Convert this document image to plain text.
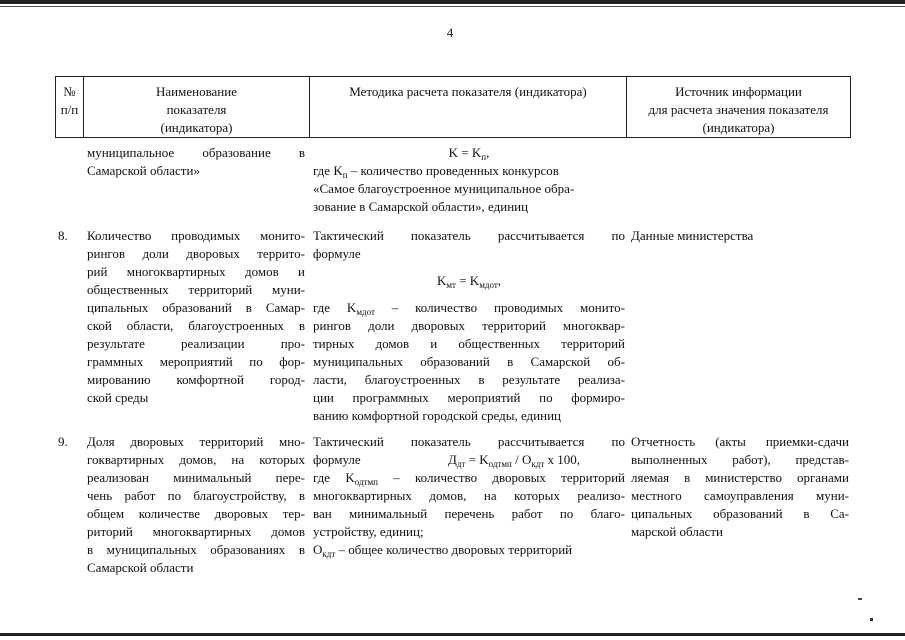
4
№
п/п
Наименование
показателя
(индикатора)
Методика расчета показателя (индикатора)	Источник информации
для расчета значения показателя
(индикатора)
муниципальное образование в
Самарской области»
$K = K_п$,
где $K_п$ – количество проведенных конкурсов
«Самое благоустроенное муниципальное обра-
зование в Самарской области», единиц
8. Количество проводимых монито-
рингов доли дворовых террито-
рий многоквартирных домов и
общественных территорий муни-
ципальных образований в Самар-
ской области, благоустроенных в
результате реализации про-
граммных мероприятий по фор-
мированию комфортной город-
ской среды
Тактический показатель рассчитывается по
формуле
$K_{мт} = K_{мдот}$,
где $K_{мдот}$ – количество проводимых монито-
рингов доли дворовых территорий многоквар-
тирных домов и общественных территорий
муниципальных образований в Самарской об-
ласти, благоустроенных в результате реализа-
ции программных мероприятий по формиро-
ванию комфортной городской среды, единиц
Данные министерства
9. Доля дворовых территорий мно-
гоквартирных домов, на которых
реализован минимальный пере-
чень работ по благоустройству, в
общем количестве дворовых тер-
риторий многоквартирных домов
в муниципальных образованиях в
Самарской области
Тактический показатель рассчитывается по
формуле	$Д_{дт} = K_{одтмп} / O_{кдт}$ x 100,
где $K_{одтмп}$ – количество дворовых территорий
многоквартирных домов, на которых реализо-
ван минимальный перечень работ по благо-
устройству, единиц;
$O_{кдт}$ – общее количество дворовых территорий
Отчетность (акты приемки-сдачи
выполненных работ), представ-
ляемая в министерство органами
местного самоуправления муни-
ципальных образований в Са-
марской области
